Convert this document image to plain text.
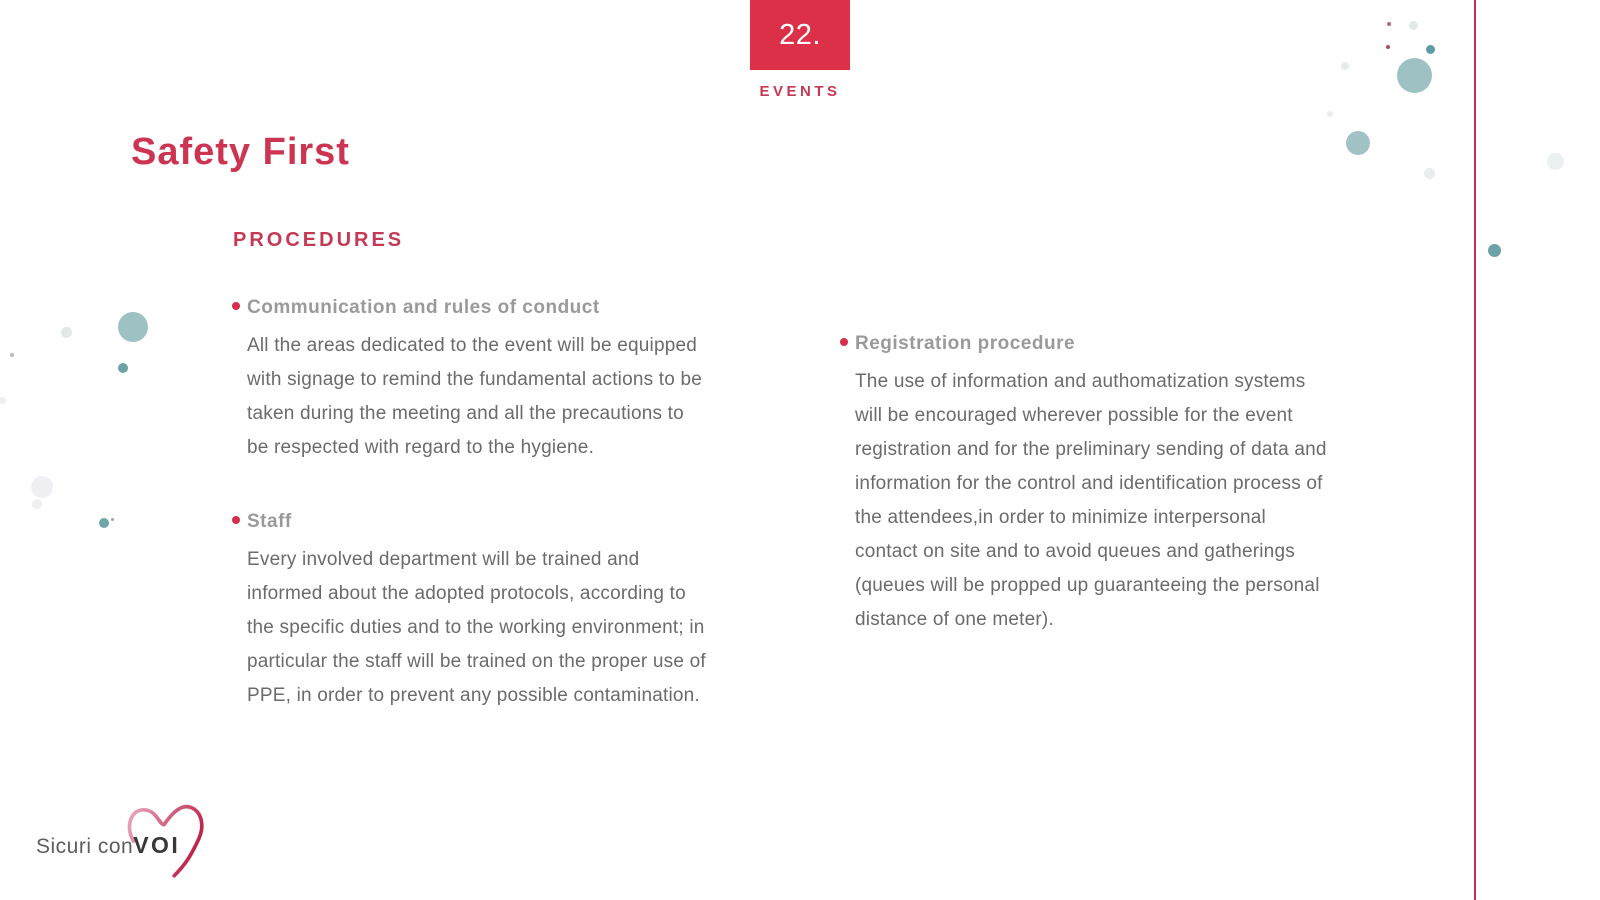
22.
EVENTS
Safety First
PROCEDURES
Communication and rules of conduct

All the areas dedicated to the event will be equipped with signage to remind the fundamental actions to be taken during the meeting and all the precautions to be respected with regard to the hygiene.

Staff

Every involved department will be trained and informed about the adopted protocols, according to the specific duties and to the working environment; in particular the staff will be trained on the proper use of PPE, in order to prevent any possible contamination.

Registration procedure

The use of information and authomatization systems will be encouraged wherever possible for the event registration and for the preliminary sending of data and information for the control and identification process of the attendees,in order to minimize interpersonal contact on site and to avoid queues and gatherings (queues will be propped up guaranteeing the personal distance of one meter).

Sicuri conVOI
